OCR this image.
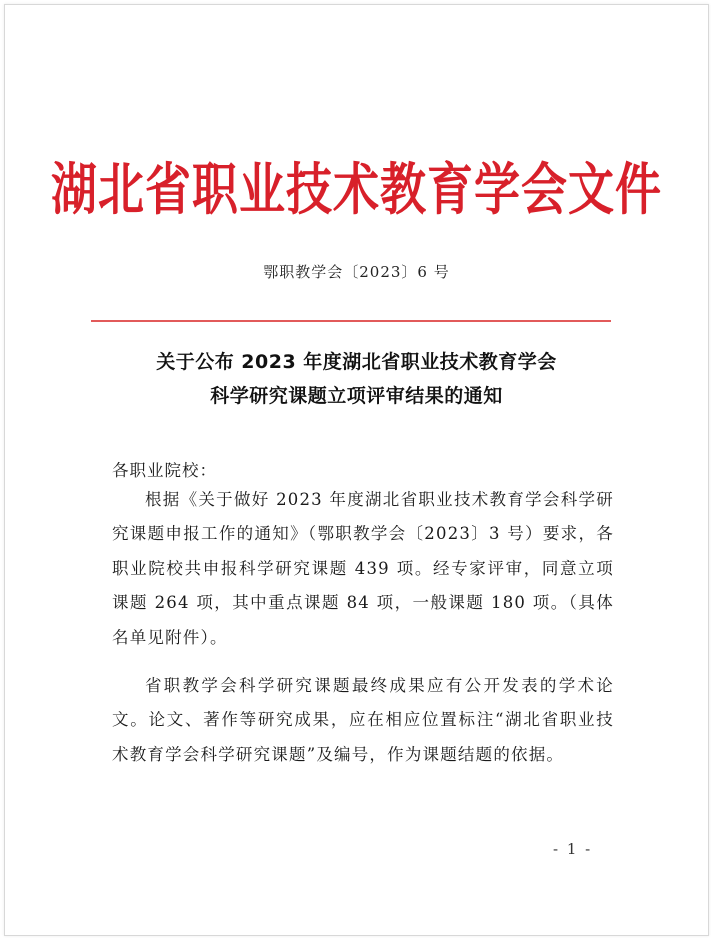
湖北省职业技术教育学会文件
鄂职教学会〔2023〕6 号
关于公布 2023 年度湖北省职业技术教育学会
科学研究课题立项评审结果的通知
各职业院校：
根据《关于做好 2023 年度湖北省职业技术教育学会科学研究课题申报工作的通知》（鄂职教学会〔2023〕3 号）要求，各职业院校共申报科学研究课题 439 项。经专家评审，同意立项课题 264 项，其中重点课题 84 项，一般课题 180 项。（具体名单见附件）。
省职教学会科学研究课题最终成果应有公开发表的学术论文。论文、著作等研究成果，应在相应位置标注“湖北省职业技术教育学会科学研究课题”及编号，作为课题结题的依据。
- 1 -
